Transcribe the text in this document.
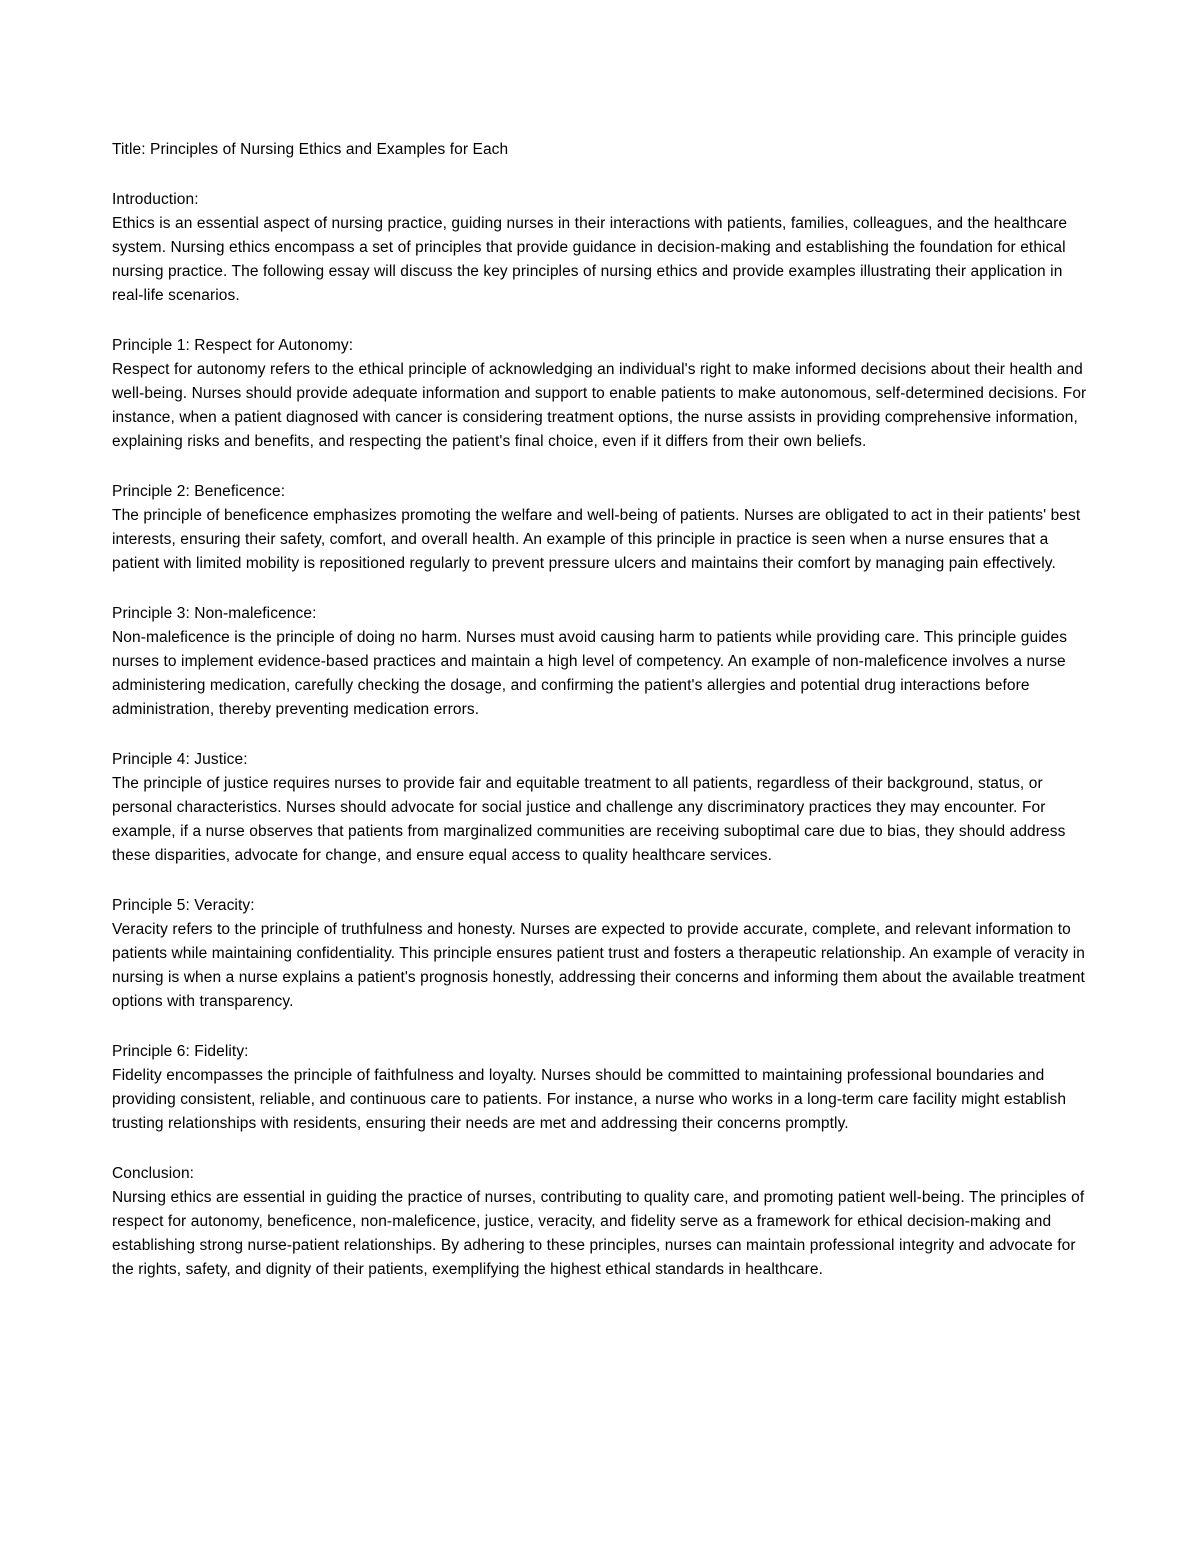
Title: Principles of Nursing Ethics and Examples for Each

Introduction:

Ethics is an essential aspect of nursing practice, guiding nurses in their interactions with patients, families, colleagues, and the healthcare system. Nursing ethics encompass a set of principles that provide guidance in decision-making and establishing the foundation for ethical nursing practice. The following essay will discuss the key principles of nursing ethics and provide examples illustrating their application in real-life scenarios.

Principle 1: Respect for Autonomy:

Respect for autonomy refers to the ethical principle of acknowledging an individual's right to make informed decisions about their health and well-being. Nurses should provide adequate information and support to enable patients to make autonomous, self-determined decisions. For instance, when a patient diagnosed with cancer is considering treatment options, the nurse assists in providing comprehensive information, explaining risks and benefits, and respecting the patient's final choice, even if it differs from their own beliefs.

Principle 2: Beneficence:

The principle of beneficence emphasizes promoting the welfare and well-being of patients. Nurses are obligated to act in their patients' best interests, ensuring their safety, comfort, and overall health. An example of this principle in practice is seen when a nurse ensures that a patient with limited mobility is repositioned regularly to prevent pressure ulcers and maintains their comfort by managing pain effectively.

Principle 3: Non-maleficence:

Non-maleficence is the principle of doing no harm. Nurses must avoid causing harm to patients while providing care. This principle guides nurses to implement evidence-based practices and maintain a high level of competency. An example of non-maleficence involves a nurse administering medication, carefully checking the dosage, and confirming the patient's allergies and potential drug interactions before administration, thereby preventing medication errors.

Principle 4: Justice:

The principle of justice requires nurses to provide fair and equitable treatment to all patients, regardless of their background, status, or personal characteristics. Nurses should advocate for social justice and challenge any discriminatory practices they may encounter. For example, if a nurse observes that patients from marginalized communities are receiving suboptimal care due to bias, they should address these disparities, advocate for change, and ensure equal access to quality healthcare services.

Principle 5: Veracity:

Veracity refers to the principle of truthfulness and honesty. Nurses are expected to provide accurate, complete, and relevant information to patients while maintaining confidentiality. This principle ensures patient trust and fosters a therapeutic relationship. An example of veracity in nursing is when a nurse explains a patient's prognosis honestly, addressing their concerns and informing them about the available treatment options with transparency.

Principle 6: Fidelity:

Fidelity encompasses the principle of faithfulness and loyalty. Nurses should be committed to maintaining professional boundaries and providing consistent, reliable, and continuous care to patients. For instance, a nurse who works in a long-term care facility might establish trusting relationships with residents, ensuring their needs are met and addressing their concerns promptly.

Conclusion:

Nursing ethics are essential in guiding the practice of nurses, contributing to quality care, and promoting patient well-being. The principles of respect for autonomy, beneficence, non-maleficence, justice, veracity, and fidelity serve as a framework for ethical decision-making and establishing strong nurse-patient relationships. By adhering to these principles, nurses can maintain professional integrity and advocate for the rights, safety, and dignity of their patients, exemplifying the highest ethical standards in healthcare.
